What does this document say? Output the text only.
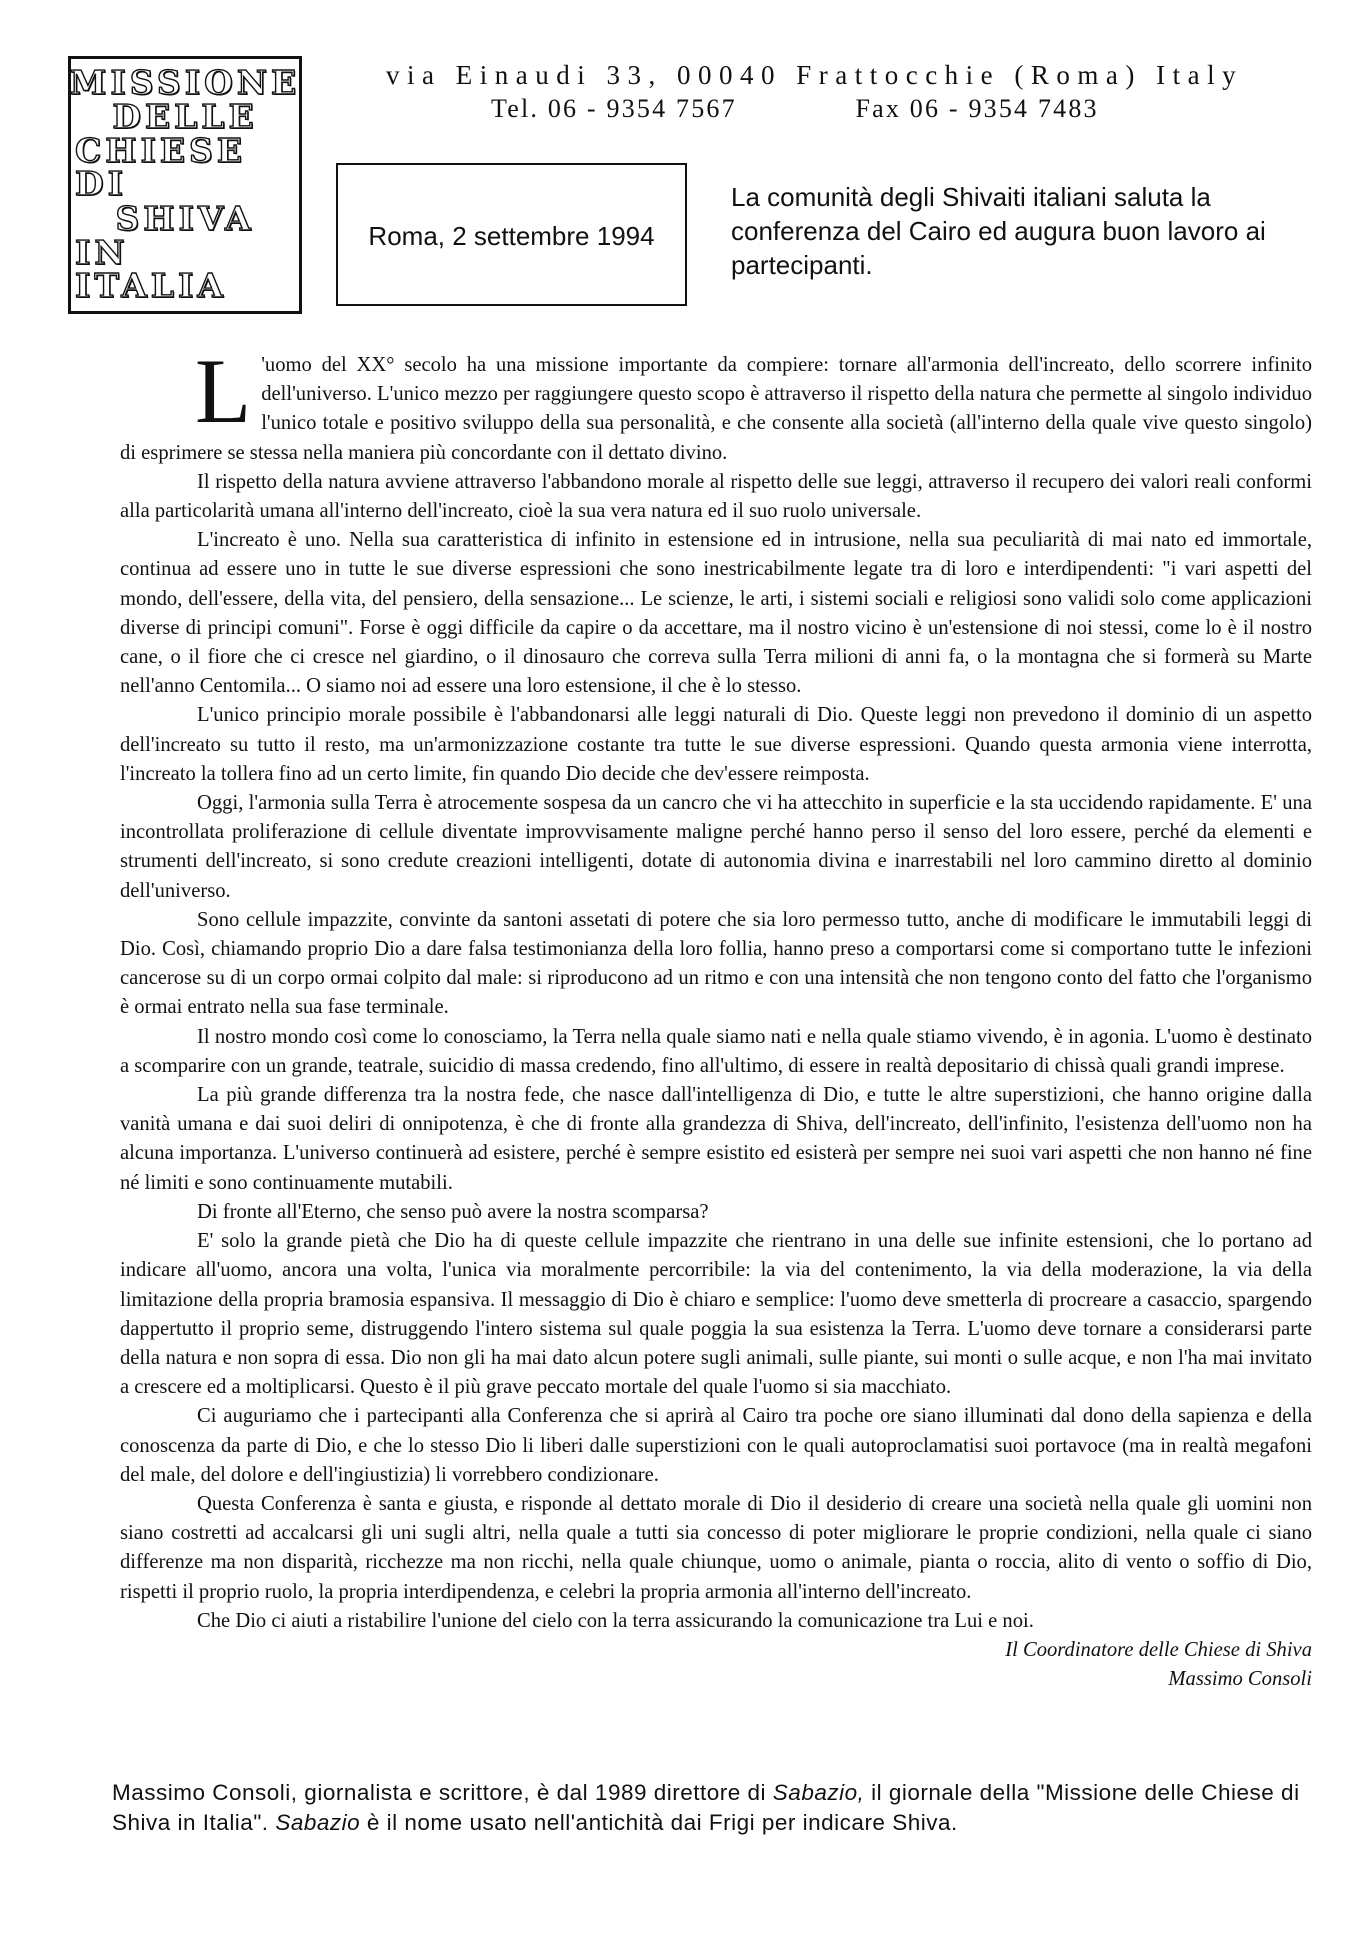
MISSIONE
DELLE
CHIESE DI
SHIVA
IN ITALIA
via Einaudi 33, 00040 Frattocchie (Roma) Italy
Tel. 06 - 9354 7567	Fax 06 - 9354 7483
Roma, 2 settembre 1994
La comunità degli Shivaiti italiani saluta la conferenza del Cairo ed augura buon lavoro ai partecipanti.

L 'uomo del XX° secolo ha una missione importante da compiere: tornare all'armonia dell'increato, dello scorrere infinito dell'universo. L'unico mezzo per raggiungere questo scopo è attraverso il rispetto della natura che permette al singolo individuo l'unico totale e positivo sviluppo della sua personalità, e che consente alla società (all'interno della quale vive questo singolo) di esprimere se stessa nella maniera più concordante con il dettato divino.

Il rispetto della natura avviene attraverso l'abbandono morale al rispetto delle sue leggi, attraverso il recupero dei valori reali conformi alla particolarità umana all'interno dell'increato, cioè la sua vera natura ed il suo ruolo universale.

L'increato è uno. Nella sua caratteristica di infinito in estensione ed in intrusione, nella sua peculiarità di mai nato ed immortale, continua ad essere uno in tutte le sue diverse espressioni che sono inestricabilmente legate tra di loro e interdipendenti: "i vari aspetti del mondo, dell'essere, della vita, del pensiero, della sensazione... Le scienze, le arti, i sistemi sociali e religiosi sono validi solo come applicazioni diverse di principi comuni". Forse è oggi difficile da capire o da accettare, ma il nostro vicino è un'estensione di noi stessi, come lo è il nostro cane, o il fiore che ci cresce nel giardino, o il dinosauro che correva sulla Terra milioni di anni fa, o la montagna che si formerà su Marte nell'anno Centomila... O siamo noi ad essere una loro estensione, il che è lo stesso.

L'unico principio morale possibile è l'abbandonarsi alle leggi naturali di Dio. Queste leggi non prevedono il dominio di un aspetto dell'increato su tutto il resto, ma un'armonizzazione costante tra tutte le sue diverse espressioni. Quando questa armonia viene interrotta, l'increato la tollera fino ad un certo limite, fin quando Dio decide che dev'essere reimposta.

Oggi, l'armonia sulla Terra è atrocemente sospesa da un cancro che vi ha attecchito in superficie e la sta uccidendo rapidamente. E' una incontrollata proliferazione di cellule diventate improvvisamente maligne perché hanno perso il senso del loro essere, perché da elementi e strumenti dell'increato, si sono credute creazioni intelligenti, dotate di autonomia divina e inarrestabili nel loro cammino diretto al dominio dell'universo.

Sono cellule impazzite, convinte da santoni assetati di potere che sia loro permesso tutto, anche di modificare le immutabili leggi di Dio. Così, chiamando proprio Dio a dare falsa testimonianza della loro follia, hanno preso a comportarsi come si comportano tutte le infezioni cancerose su di un corpo ormai colpito dal male: si riproducono ad un ritmo e con una intensità che non tengono conto del fatto che l'organismo è ormai entrato nella sua fase terminale.

Il nostro mondo così come lo conosciamo, la Terra nella quale siamo nati e nella quale stiamo vivendo, è in agonia. L'uomo è destinato a scomparire con un grande, teatrale, suicidio di massa credendo, fino all'ultimo, di essere in realtà depositario di chissà quali grandi imprese.

La più grande differenza tra la nostra fede, che nasce dall'intelligenza di Dio, e tutte le altre superstizioni, che hanno origine dalla vanità umana e dai suoi deliri di onnipotenza, è che di fronte alla grandezza di Shiva, dell'increato, dell'infinito, l'esistenza dell'uomo non ha alcuna importanza. L'universo continuerà ad esistere, perché è sempre esistito ed esisterà per sempre nei suoi vari aspetti che non hanno né fine né limiti e sono continuamente mutabili.

Di fronte all'Eterno, che senso può avere la nostra scomparsa?

E' solo la grande pietà che Dio ha di queste cellule impazzite che rientrano in una delle sue infinite estensioni, che lo portano ad indicare all'uomo, ancora una volta, l'unica via moralmente percorribile: la via del contenimento, la via della moderazione, la via della limitazione della propria bramosia espansiva. Il messaggio di Dio è chiaro e semplice: l'uomo deve smetterla di procreare a casaccio, spargendo dappertutto il proprio seme, distruggendo l'intero sistema sul quale poggia la sua esistenza la Terra. L'uomo deve tornare a considerarsi parte della natura e non sopra di essa. Dio non gli ha mai dato alcun potere sugli animali, sulle piante, sui monti o sulle acque, e non l'ha mai invitato a crescere ed a moltiplicarsi. Questo è il più grave peccato mortale del quale l'uomo si sia macchiato.

Ci auguriamo che i partecipanti alla Conferenza che si aprirà al Cairo tra poche ore siano illuminati dal dono della sapienza e della conoscenza da parte di Dio, e che lo stesso Dio li liberi dalle superstizioni con le quali autoproclamatisi suoi portavoce (ma in realtà megafoni del male, del dolore e dell'ingiustizia) li vorrebbero condizionare.

Questa Conferenza è santa e giusta, e risponde al dettato morale di Dio il desiderio di creare una società nella quale gli uomini non siano costretti ad accalcarsi gli uni sugli altri, nella quale a tutti sia concesso di poter migliorare le proprie condizioni, nella quale ci siano differenze ma non disparità, ricchezze ma non ricchi, nella quale chiunque, uomo o animale, pianta o roccia, alito di vento o soffio di Dio, rispetti il proprio ruolo, la propria interdipendenza, e celebri la propria armonia all'interno dell'increato.

Che Dio ci aiuti a ristabilire l'unione del cielo con la terra assicurando la comunicazione tra Lui e noi.

Il Coordinatore delle Chiese di Shiva

Massimo Consoli

Massimo Consoli, giornalista e scrittore, è dal 1989 direttore di Sabazio, il giornale della "Missione delle Chiese di Shiva in Italia". Sabazio è il nome usato nell'antichità dai Frigi per indicare Shiva.
